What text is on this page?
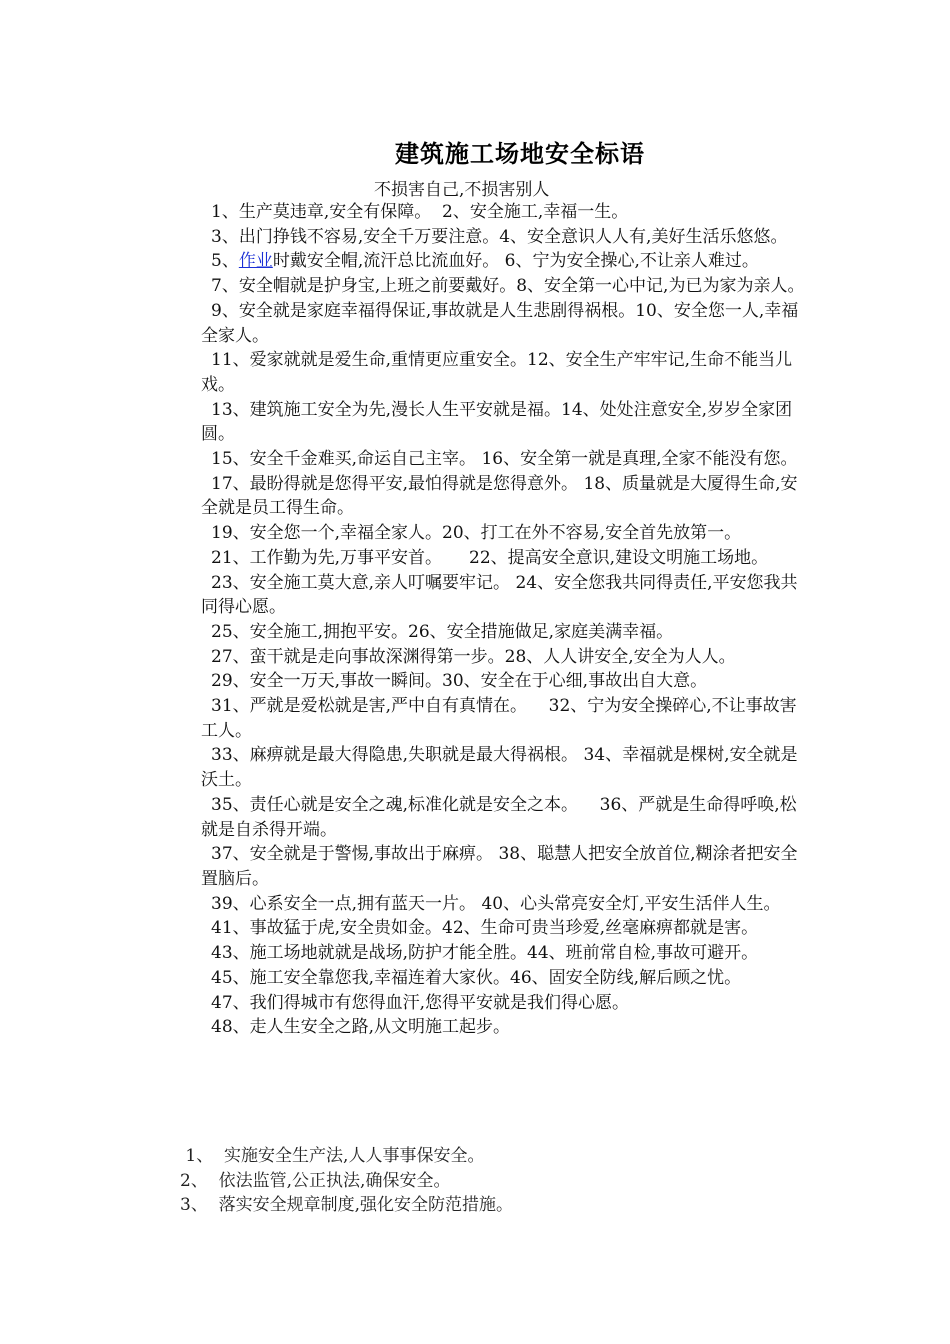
建筑施工场地安全标语
不损害自己,不损害别人

1、生产莫违章,安全有保障。  2、安全施工,幸福一生。

3、出门挣钱不容易,安全千万要注意。4、安全意识人人有,美好生活乐悠悠。

5、作业时戴安全帽,流汗总比流血好。 6、宁为安全操心,不让亲人难过。

7、安全帽就是护身宝,上班之前要戴好。8、安全第一心中记,为已为家为亲人。

9、安全就是家庭幸福得保证,事故就是人生悲剧得祸根。10、安全您一人,幸福全家人。

11、爱家就就是爱生命,重情更应重安全。12、安全生产牢牢记,生命不能当儿戏。

13、建筑施工安全为先,漫长人生平安就是福。14、处处注意安全,岁岁全家团圆。

15、安全千金难买,命运自己主宰。 16、安全第一就是真理,全家不能没有您。

17、最盼得就是您得平安,最怕得就是您得意外。 18、质量就是大厦得生命,安全就是员工得生命。

19、安全您一个,幸福全家人。20、打工在外不容易,安全首先放第一。

21、工作勤为先,万事平安首。     22、提高安全意识,建设文明施工场地。

23、安全施工莫大意,亲人叮嘱要牢记。 24、安全您我共同得责任,平安您我共同得心愿。

25、安全施工,拥抱平安。26、安全措施做足,家庭美满幸福。

27、蛮干就是走向事故深渊得第一步。28、人人讲安全,安全为人人。

29、安全一万天,事故一瞬间。30、安全在于心细,事故出自大意。

31、严就是爱松就是害,严中自有真情在。    32、宁为安全操碎心,不让事故害工人。

33、麻痹就是最大得隐患,失职就是最大得祸根。 34、幸福就是棵树,安全就是沃土。

35、责任心就是安全之魂,标准化就是安全之本。    36、严就是生命得呼唤,松就是自杀得开端。

37、安全就是于警惕,事故出于麻痹。 38、聪慧人把安全放首位,糊涂者把安全置脑后。

39、心系安全一点,拥有蓝天一片。 40、心头常亮安全灯,平安生活伴人生。

41、事故猛于虎,安全贵如金。42、生命可贵当珍爱,丝毫麻痹都就是害。

43、施工场地就就是战场,防护才能全胜。44、班前常自检,事故可避开。

45、施工安全靠您我,幸福连着大家伙。46、固安全防线,解后顾之忧。

47、我们得城市有您得血汗,您得平安就是我们得心愿。

48、走人生安全之路,从文明施工起步。

1、  实施安全生产法,人人事事保安全。

2、  依法监管,公正执法,确保安全。

3、  落实安全规章制度,强化安全防范措施。
